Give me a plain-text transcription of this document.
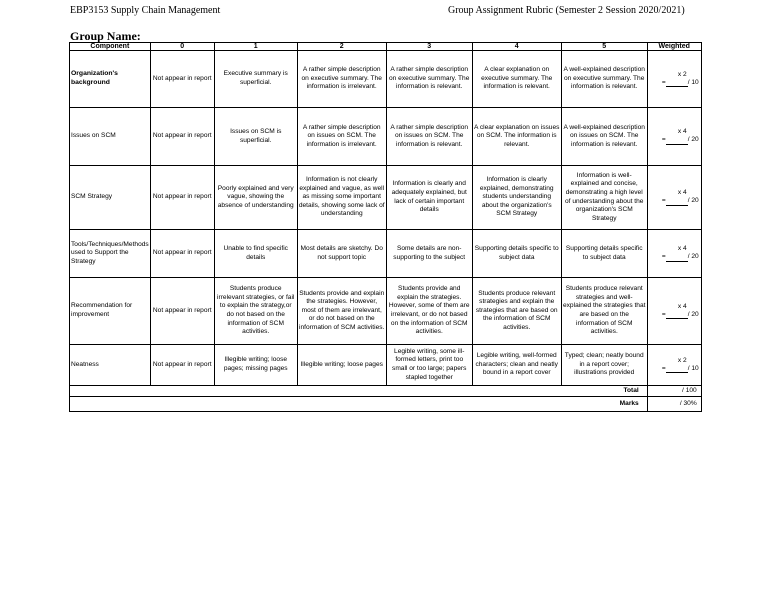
EBP3153 Supply Chain Management	Group Assignment Rubric (Semester 2 Session 2020/2021)
Group Name:
Component	0	1	2	3	4	5	Weighted
Organization's background	Not appear in report	Executive summary is superficial.	A rather simple description on executive summary. The information is irrelevant.	A rather simple description on executive summary. The information is relevant.	A clear explanation on executive summary. The information is relevant.	A well-explained description on executive summary. The information is relevant.	x 2
= / 10

Issues on SCM	Not appear in report	Issues on SCM is superficial.	A rather simple description on issues on SCM. The information is irrelevant.	A rather simple description on issues on SCM. The information is relevant.	A clear explanation on issues on SCM. The information is relevant.	A well-explained description on issues on SCM. The information is relevant.	x 4
= / 20

SCM Strategy	Not appear in report	Poorly explained and very vague, showing the absence of understanding	Information is not clearly explained and vague, as well as missing some important details, showing some lack of understanding	Information is clearly and adequately explained, but lack of certain important details	Information is clearly explained, demonstrating students understanding about the organization's SCM Strategy	Information is well-explained and concise, demonstrating a high level of understanding about the organization's SCM Strategy	x 4
= / 20

Tools/Techniques/Methods used to Support the Strategy	Not appear in report	Unable to find specific details	Most details are sketchy. Do not support topic	Some details are non-supporting to the subject	Supporting details specific to subject data	Supporting details specific to subject data	x 4
= / 20

Recommendation for improvement	Not appear in report	Students produce irrelevant strategies, or fail to explain the strategy,or do not based on the information of SCM activities.	Students provide and explain the strategies. However, most of them are irrelevant, or do not based on the information of SCM activities.	Students provide and explain the strategies. However, some of them are irrelevant, or do not based on the information of SCM activities.	Students produce relevant strategies and explain the strategies that are based on the information of SCM activities.	Students produce relevant strategies and well-explained the strategies that are based on the information of SCM activities.	x 4
= / 20

Neatness	Not appear in report	Illegible writing; loose pages; missing pages	Illegible writing; loose pages	Legible writing, some ill-formed letters, print too small or too large; papers stapled together	Legible writing, well-formed characters; clean and neatly bound in a report cover	Typed; clean; neatly bound in a report cover; illustrations provided	x 2
= / 10

Total							/ 100
Marks							/ 30%
